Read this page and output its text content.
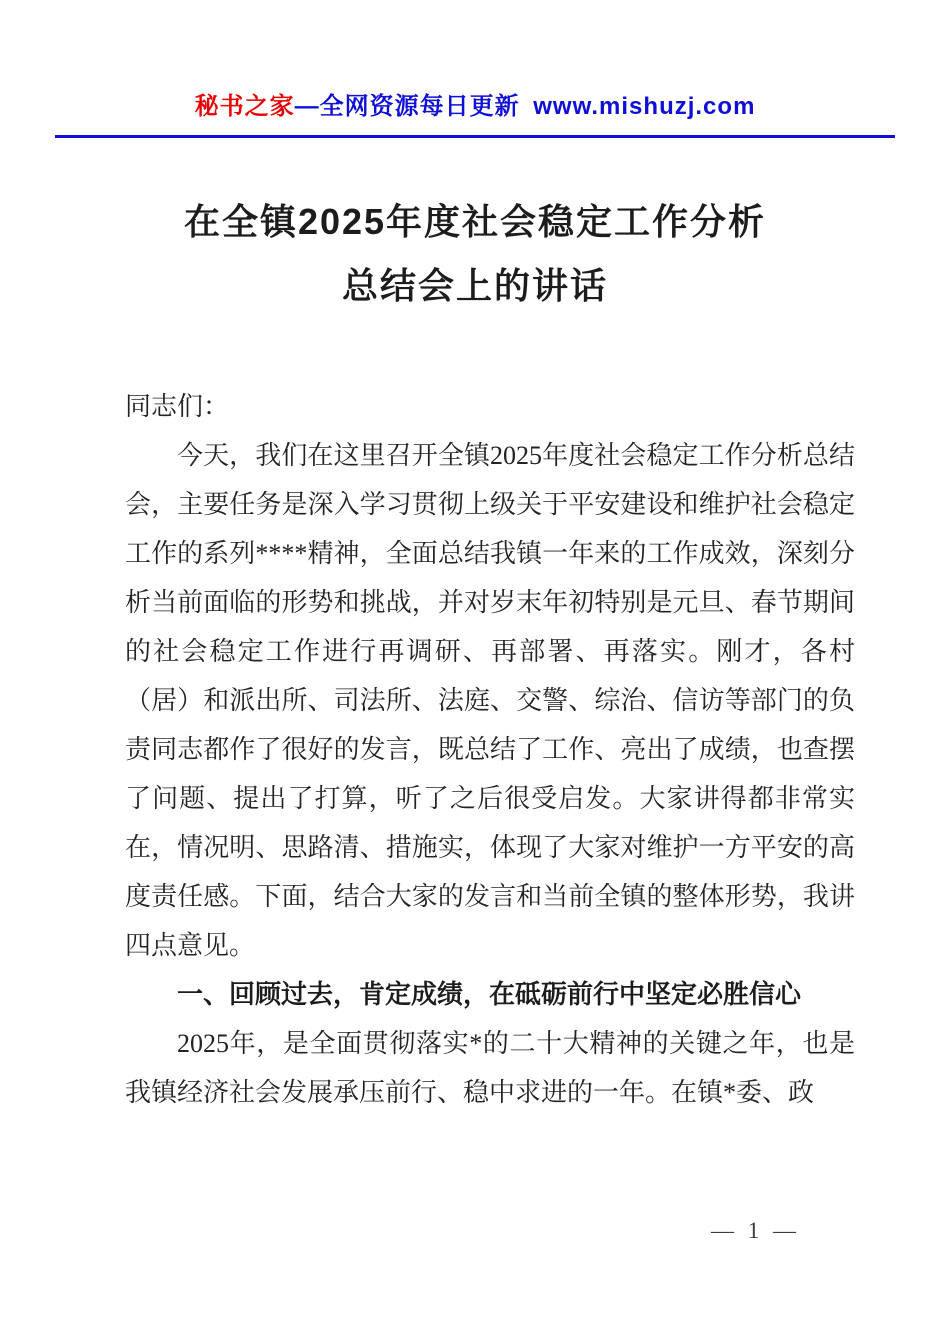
秘书之家—全网资源每日更新 www.mishuzj.com
在全镇2025年度社会稳定工作分析
总结会上的讲话

同志们：

今天，我们在这里召开全镇2025年度社会稳定工作分析总结会，主要任务是深入学习贯彻上级关于平安建设和维护社会稳定工作的系列****精神，全面总结我镇一年来的工作成效，深刻分析当前面临的形势和挑战，并对岁末年初特别是元旦、春节期间的社会稳定工作进行再调研、再部署、再落实。刚才，各村（居）和派出所、司法所、法庭、交警、综治、信访等部门的负责同志都作了很好的发言，既总结了工作、亮出了成绩，也查摆了问题、提出了打算，听了之后很受启发。大家讲得都非常实在，情况明、思路清、措施实，体现了大家对维护一方平安的高度责任感。下面，结合大家的发言和当前全镇的整体形势，我讲四点意见。

一、回顾过去，肯定成绩，在砥砺前行中坚定必胜信心

2025年，是全面贯彻落实*的二十大精神的关键之年，也是我镇经济社会发展承压前行、稳中求进的一年。在镇*委、政

— 1 —
